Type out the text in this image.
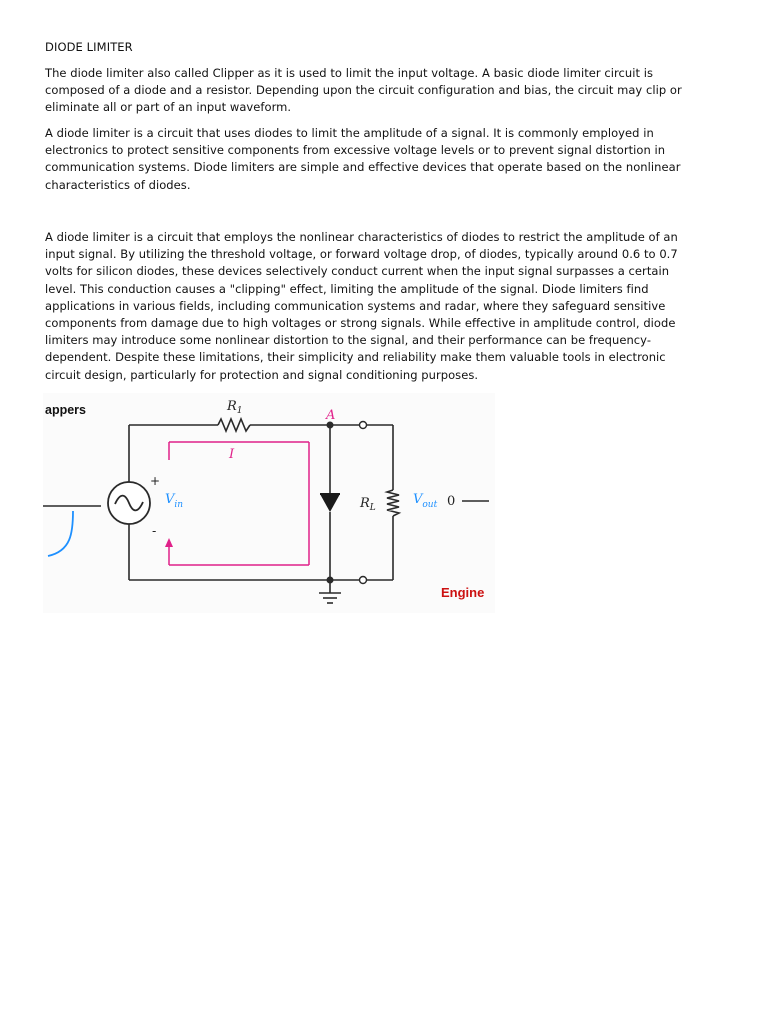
DIODE LIMITER
The diode limiter also called Clipper as it is used to limit the input voltage. A basic diode limiter circuit is
composed of a diode and a resistor. Depending upon the circuit configuration and bias, the circuit may clip or
eliminate all or part of an input waveform.
A diode limiter is a circuit that uses diodes to limit the amplitude of a signal. It is commonly employed in
electronics to protect sensitive components from excessive voltage levels or to prevent signal distortion in
communication systems. Diode limiters are simple and effective devices that operate based on the nonlinear
characteristics of diodes.
A diode limiter is a circuit that employs the nonlinear characteristics of diodes to restrict the amplitude of an
input signal. By utilizing the threshold voltage, or forward voltage drop, of diodes, typically around 0.6 to 0.7
volts for silicon diodes, these devices selectively conduct current when the input signal surpasses a certain
level. This conduction causes a "clipping" effect, limiting the amplitude of the signal. Diode limiters find
applications in various fields, including communication systems and radar, where they safeguard sensitive
components from damage due to high voltages or strong signals. While effective in amplitude control, diode
limiters may introduce some nonlinear distortion to the signal, and their performance can be frequency-
dependent. Despite these limitations, their simplicity and reliability make them valuable tools in electronic
circuit design, particularly for protection and signal conditioning purposes.
appers	$R_1$	A
I
+
-
$V_{in}$	$R_L$
$V_{out}$ 0
Engine
